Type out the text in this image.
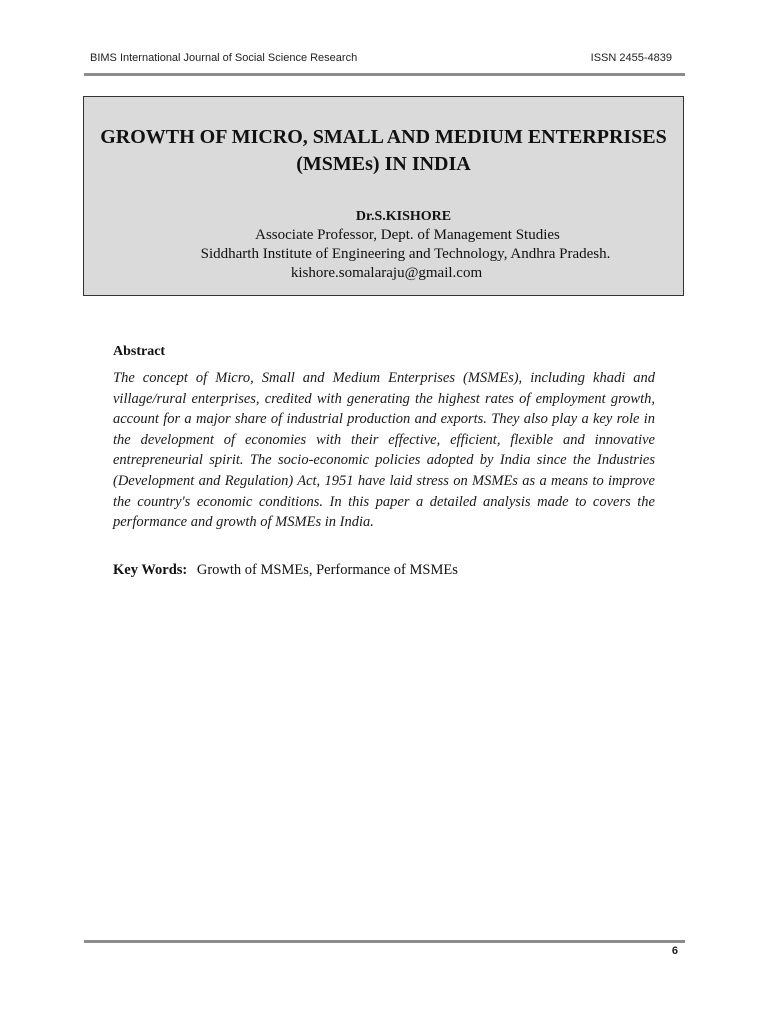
BIMS International Journal of Social Science Research	ISSN 2455-4839
GROWTH OF MICRO, SMALL AND MEDIUM ENTERPRISES
(MSMEs) IN INDIA
Dr.S.KISHORE
Associate Professor, Dept. of Management Studies
Siddharth Institute of Engineering and Technology, Andhra Pradesh.
kishore.somalaraju@gmail.com
Abstract

The concept of Micro, Small and Medium Enterprises (MSMEs), including khadi and village/rural enterprises, credited with generating the highest rates of employment growth, account for a major share of industrial production and exports. They also play a key role in the development of economies with their effective, efficient, flexible and innovative entrepreneurial spirit. The socio-economic policies adopted by India since the Industries (Development and Regulation) Act, 1951 have laid stress on MSMEs as a means to improve the country's economic conditions. In this paper a detailed analysis made to covers the performance and growth of MSMEs in India.

Key Words: Growth of MSMEs, Performance of MSMEs
6
